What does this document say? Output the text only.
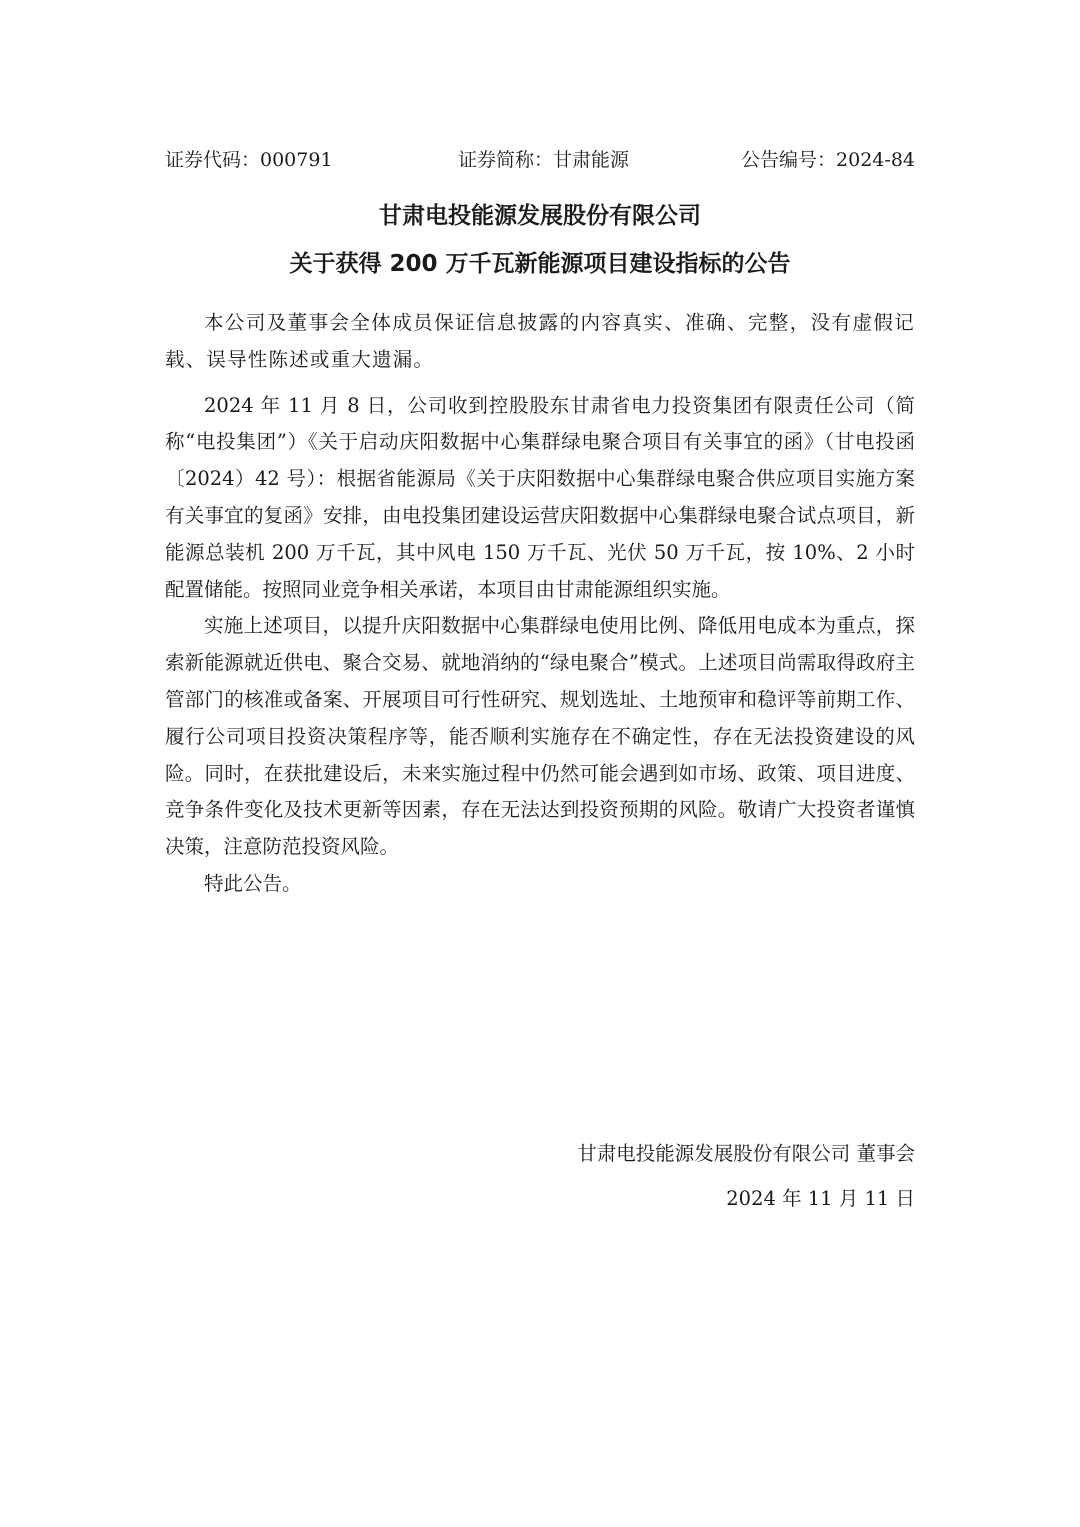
证券代码：000791	证券简称：甘肃能源	公告编号：2024-84
甘肃电投能源发展股份有限公司
关于获得 200 万千瓦新能源项目建设指标的公告

本公司及董事会全体成员保证信息披露的内容真实、准确、完整，没有虚假记载、误导性陈述或重大遗漏。

2024 年 11 月 8 日，公司收到控股股东甘肃省电力投资集团有限责任公司（简称“电投集团”）《关于启动庆阳数据中心集群绿电聚合项目有关事宜的函》（甘电投函〔2024）42 号）：根据省能源局《关于庆阳数据中心集群绿电聚合供应项目实施方案有关事宜的复函》安排，由电投集团建设运营庆阳数据中心集群绿电聚合试点项目，新能源总装机 200 万千瓦，其中风电 150 万千瓦、光伏 50 万千瓦，按 10%、2 小时配置储能。按照同业竞争相关承诺，本项目由甘肃能源组织实施。

实施上述项目，以提升庆阳数据中心集群绿电使用比例、降低用电成本为重点，探索新能源就近供电、聚合交易、就地消纳的“绿电聚合”模式。上述项目尚需取得政府主管部门的核准或备案、开展项目可行性研究、规划选址、土地预审和稳评等前期工作、履行公司项目投资决策程序等，能否顺利实施存在不确定性，存在无法投资建设的风险。同时，在获批建设后，未来实施过程中仍然可能会遇到如市场、政策、项目进度、竞争条件变化及技术更新等因素，存在无法达到投资预期的风险。敬请广大投资者谨慎决策，注意防范投资风险。

特此公告。

甘肃电投能源发展股份有限公司 董事会
2024 年 11 月 11 日
